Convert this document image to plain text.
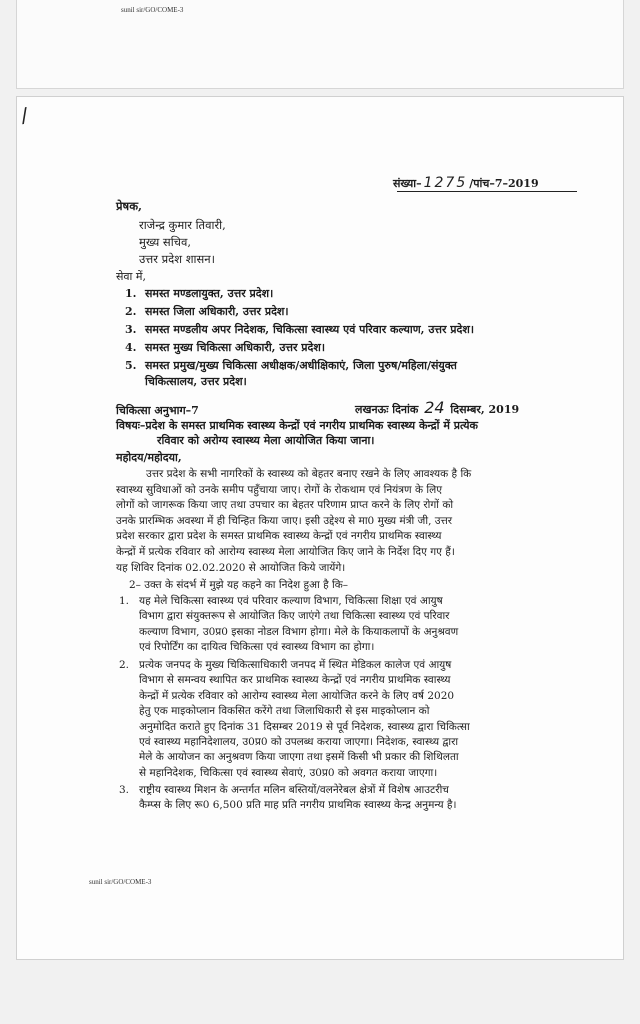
sunil sir/GO/COME-3
/
संख्या– 1275 /पांच–7–2019
प्रेषक,
राजेन्द्र कुमार तिवारी,
मुख्य सचिव,
उत्तर प्रदेश शासन।
सेवा में,
1. समस्त मण्डलायुक्त, उत्तर प्रदेश।
2. समस्त जिला अधिकारी, उत्तर प्रदेश।
3. समस्त मण्डलीय अपर निदेशक, चिकित्सा स्वास्थ्य एवं परिवार कल्याण, उत्तर प्रदेश।
4. समस्त मुख्य चिकित्सा अधिकारी, उत्तर प्रदेश।
5. समस्त प्रमुख/मुख्य चिकित्सा अधीक्षक/अधीक्षिकाएं, जिला पुरुष/महिला/संयुक्त
चिकित्सालय, उत्तर प्रदेश।
चिकित्सा अनुभाग–7	लखनऊः दिनांक 24 दिसम्बर, 2019
विषयः–प्रदेश के समस्त प्राथमिक स्वास्थ्य केन्द्रों एवं नगरीय प्राथमिक स्वास्थ्य केन्द्रों में प्रत्येक
रविवार को अरोग्य स्वास्थ्य मेला आयोजित किया जाना।
महोदय/महोदया,

उत्तर प्रदेश के सभी नागरिकों के स्वास्थ्य को बेहतर बनाए रखने के लिए आवश्यक है कि

स्वास्थ्य सुविधाओं को उनके समीप पहुँचाया जाए। रोगों के रोकथाम एवं नियंत्रण के लिए

लोगों को जागरूक किया जाए तथा उपचार का बेहतर परिणाम प्राप्त करने के लिए रोगों को

उनके प्रारम्भिक अवस्था में ही चिन्हित किया जाए। इसी उद्देश्य से मा0 मुख्य मंत्री जी, उत्तर

प्रदेश सरकार द्वारा प्रदेश के समस्त प्राथमिक स्वास्थ्य केन्द्रों एवं नगरीय प्राथमिक स्वास्थ्य

केन्द्रों में प्रत्येक रविवार को आरोग्य स्वास्थ्य मेला आयोजित किए जाने के निर्देश दिए गए हैं।

यह शिविर दिनांक 02.02.2020 से आयोजित किये जायेंगे।

2– उक्त के संदर्भ में मुझे यह कहने का निदेश हुआ है कि–
1. यह मेले चिकित्सा स्वास्थ्य एवं परिवार कल्याण विभाग, चिकित्सा शिक्षा एवं आयुष
विभाग द्वारा संयुक्तरूप से आयोजित किए जाएंगे तथा चिकित्सा स्वास्थ्य एवं परिवार
कल्याण विभाग, उ0प्र0 इसका नोडल विभाग होगा। मेले के कियाकलापों के अनुश्रवण
एवं रिपोर्टिंग का दायित्व चिकित्सा एवं स्वास्थ्य विभाग का होगा।
2. प्रत्येक जनपद के मुख्य चिकित्साधिकारी जनपद में स्थित मेडिकल कालेज एवं आयुष
विभाग से समन्वय स्थापित कर प्राथमिक स्वास्थ्य केन्द्रों एवं नगरीय प्राथमिक स्वास्थ्य
केन्द्रों में प्रत्येक रविवार को आरोग्य स्वास्थ्य मेला आयोजित करने के लिए वर्ष 2020
हेतु एक माइकोप्लान विकसित करेंगे तथा जिलाधिकारी से इस माइकोप्लान को
अनुमोदित कराते हुए दिनांक 31 दिसम्बर 2019 से पूर्व निदेशक, स्वास्थ्य द्वारा चिकित्सा
एवं स्वास्थ्य महानिदेशालय, उ0प्र0 को उपलब्ध कराया जाएगा। निदेशक, स्वास्थ्य द्वारा
मेले के आयोजन का अनुश्रवण किया जाएगा तथा इसमें किसी भी प्रकार की शिथिलता
से महानिदेशक, चिकित्सा एवं स्वास्थ्य सेवाएं, उ0प्र0 को अवगत कराया जाएगा।
3. राष्ट्रीय स्वास्थ्य मिशन के अन्तर्गत मलिन बस्तियों/वलनेरेबल क्षेत्रों में विशेष आउटरीच
कैम्प्स के लिए रू0 6,500 प्रति माह प्रति नगरीय प्राथमिक स्वास्थ्य केन्द्र अनुमन्य है।
sunil sir/GO/COME-3
